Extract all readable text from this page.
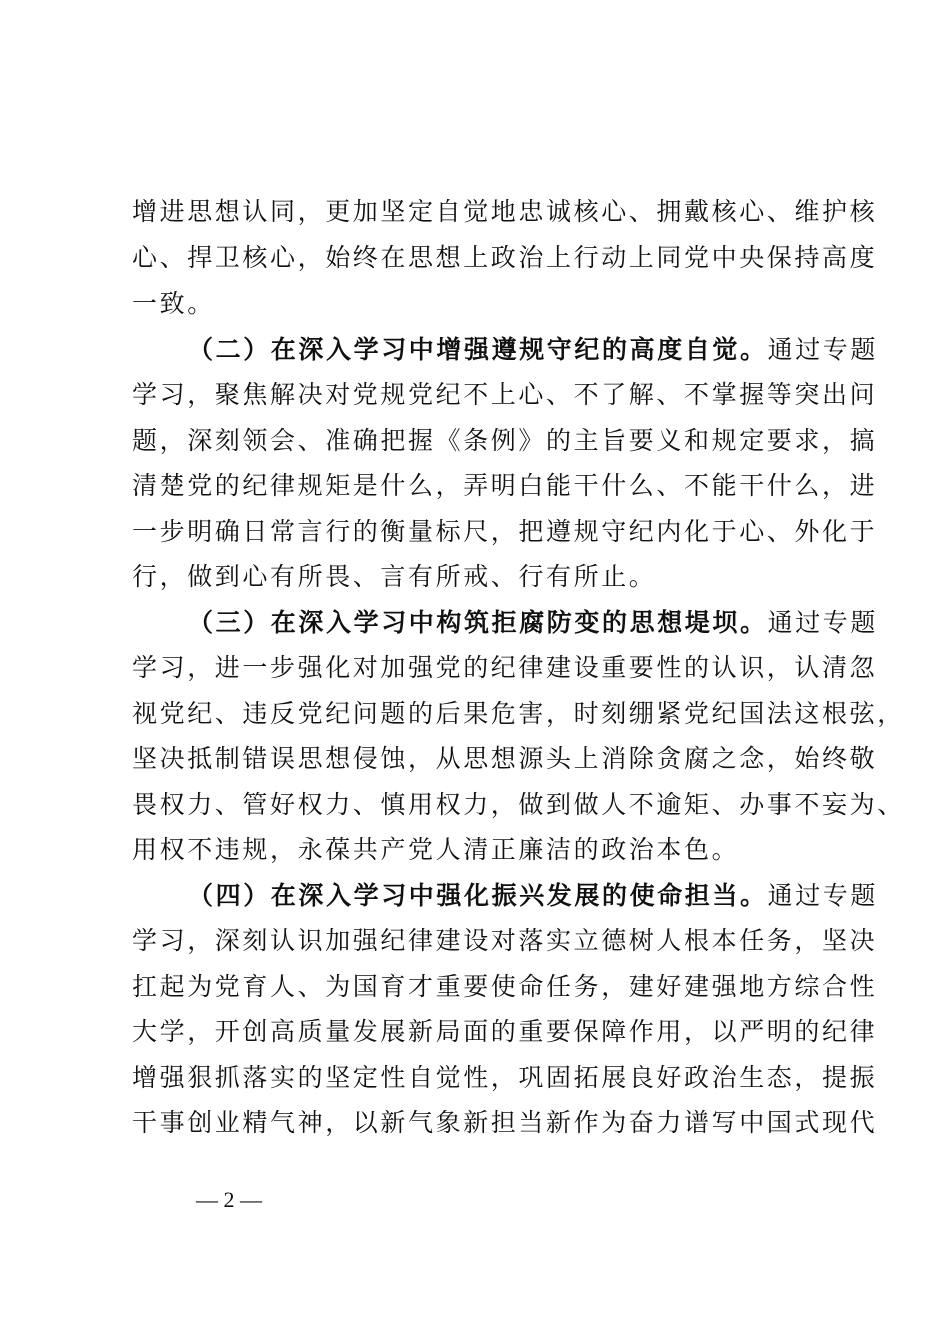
增进思想认同，更加坚定自觉地忠诚核心、拥戴核心、维护核
心、捍卫核心，始终在思想上政治上行动上同党中央保持高度
一致。
（二）在深入学习中增强遵规守纪的高度自觉。通过专题
学习，聚焦解决对党规党纪不上心、不了解、不掌握等突出问
题，深刻领会、准确把握《条例》的主旨要义和规定要求，搞
清楚党的纪律规矩是什么，弄明白能干什么、不能干什么，进
一步明确日常言行的衡量标尺，把遵规守纪内化于心、外化于
行，做到心有所畏、言有所戒、行有所止。
（三）在深入学习中构筑拒腐防变的思想堤坝。通过专题
学习，进一步强化对加强党的纪律建设重要性的认识，认清忽
视党纪、违反党纪问题的后果危害，时刻绷紧党纪国法这根弦，
坚决抵制错误思想侵蚀，从思想源头上消除贪腐之念，始终敬
畏权力、管好权力、慎用权力，做到做人不逾矩、办事不妄为、
用权不违规，永葆共产党人清正廉洁的政治本色。
（四）在深入学习中强化振兴发展的使命担当。通过专题
学习，深刻认识加强纪律建设对落实立德树人根本任务，坚决
扛起为党育人、为国育才重要使命任务，建好建强地方综合性
大学，开创高质量发展新局面的重要保障作用，以严明的纪律
增强狠抓落实的坚定性自觉性，巩固拓展良好政治生态，提振
干事创业精气神，以新气象新担当新作为奋力谱写中国式现代
— 2 —
